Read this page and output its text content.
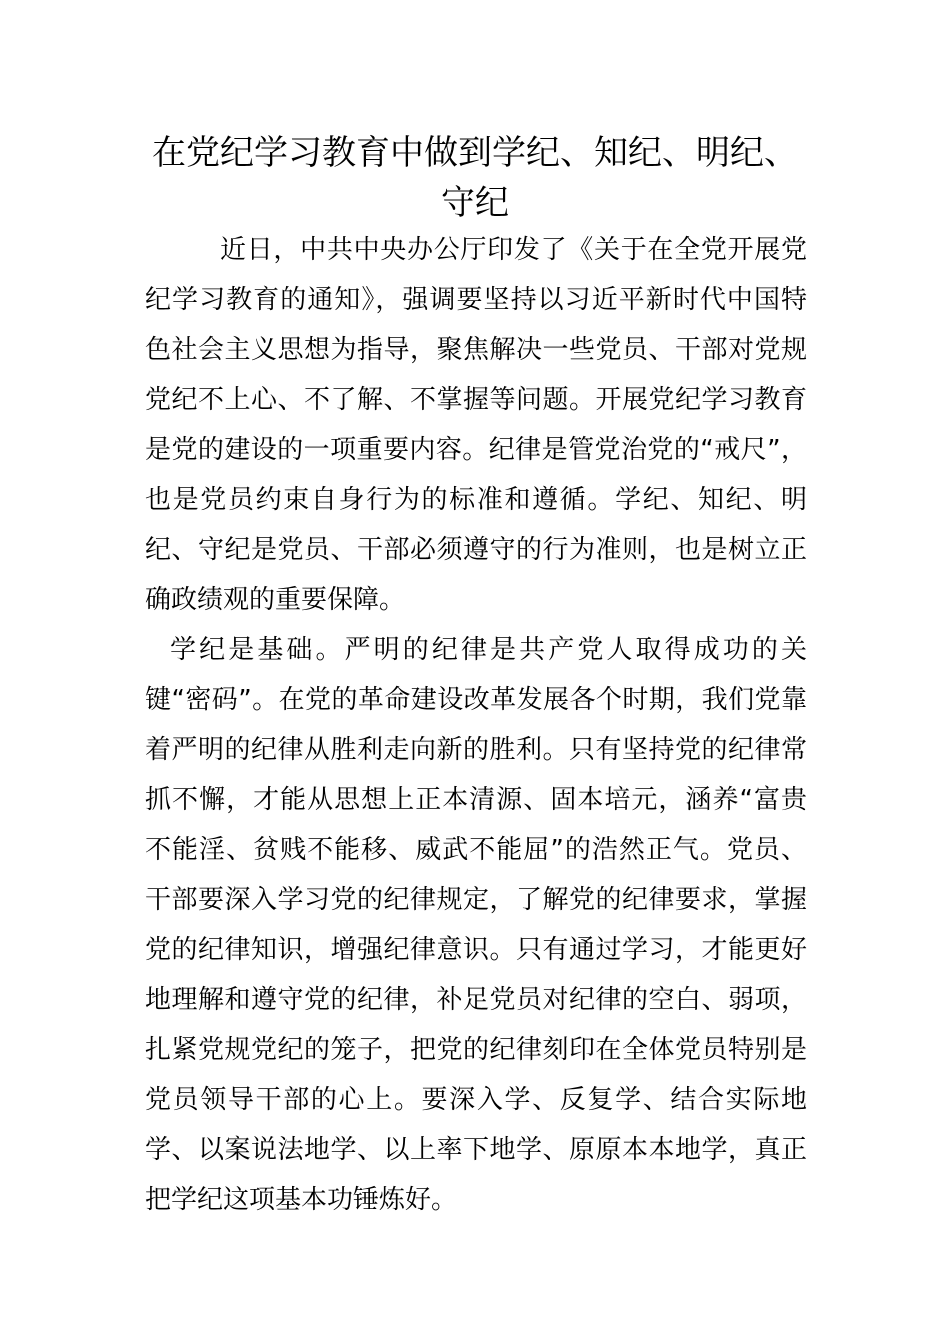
在党纪学习教育中做到学纪、知纪、明纪、守纪

近日，中共中央办公厅印发了《关于在全党开展党纪学习教育的通知》，强调要坚持以习近平新时代中国特色社会主义思想为指导，聚焦解决一些党员、干部对党规党纪不上心、不了解、不掌握等问题。开展党纪学习教育是党的建设的一项重要内容。纪律是管党治党的“戒尺”，也是党员约束自身行为的标准和遵循。学纪、知纪、明纪、守纪是党员、干部必须遵守的行为准则，也是树立正确政绩观的重要保障。

学纪是基础。严明的纪律是共产党人取得成功的关键“密码”。在党的革命建设改革发展各个时期，我们党靠着严明的纪律从胜利走向新的胜利。只有坚持党的纪律常抓不懈，才能从思想上正本清源、固本培元，涵养“富贵不能淫、贫贱不能移、威武不能屈”的浩然正气。党员、干部要深入学习党的纪律规定，了解党的纪律要求，掌握党的纪律知识，增强纪律意识。只有通过学习，才能更好地理解和遵守党的纪律，补足党员对纪律的空白、弱项，扎紧党规党纪的笼子，把党的纪律刻印在全体党员特别是党员领导干部的心上。要深入学、反复学、结合实际地学、以案说法地学、以上率下地学、原原本本地学，真正把学纪这项基本功锤炼好。
